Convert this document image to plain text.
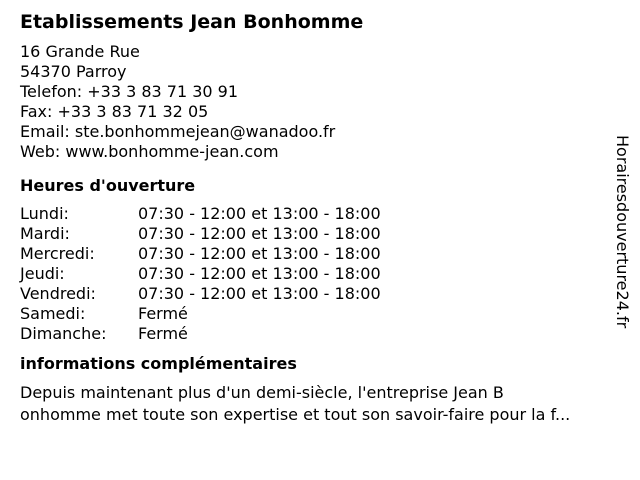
Etablissements Jean Bonhomme
16 Grande Rue
54370 Parroy
Telefon: +33 3 83 71 30 91
Fax: +33 3 83 71 32 05
Email: ste.bonhommejean@wanadoo.fr
Web: www.bonhomme-jean.com
Heures d'ouverture
Lundi:	07:30 - 12:00 et 13:00 - 18:00
Mardi:	07:30 - 12:00 et 13:00 - 18:00
Mercredi:	07:30 - 12:00 et 13:00 - 18:00
Jeudi:	07:30 - 12:00 et 13:00 - 18:00
Vendredi:	07:30 - 12:00 et 13:00 - 18:00
Samedi:	Fermé
Dimanche:	Fermé
informations complémentaires
Depuis maintenant plus d'un demi-siècle, l'entreprise Jean B
onhomme met toute son expertise et tout son savoir-faire pour la f...
Horairesdouverture24.fr
